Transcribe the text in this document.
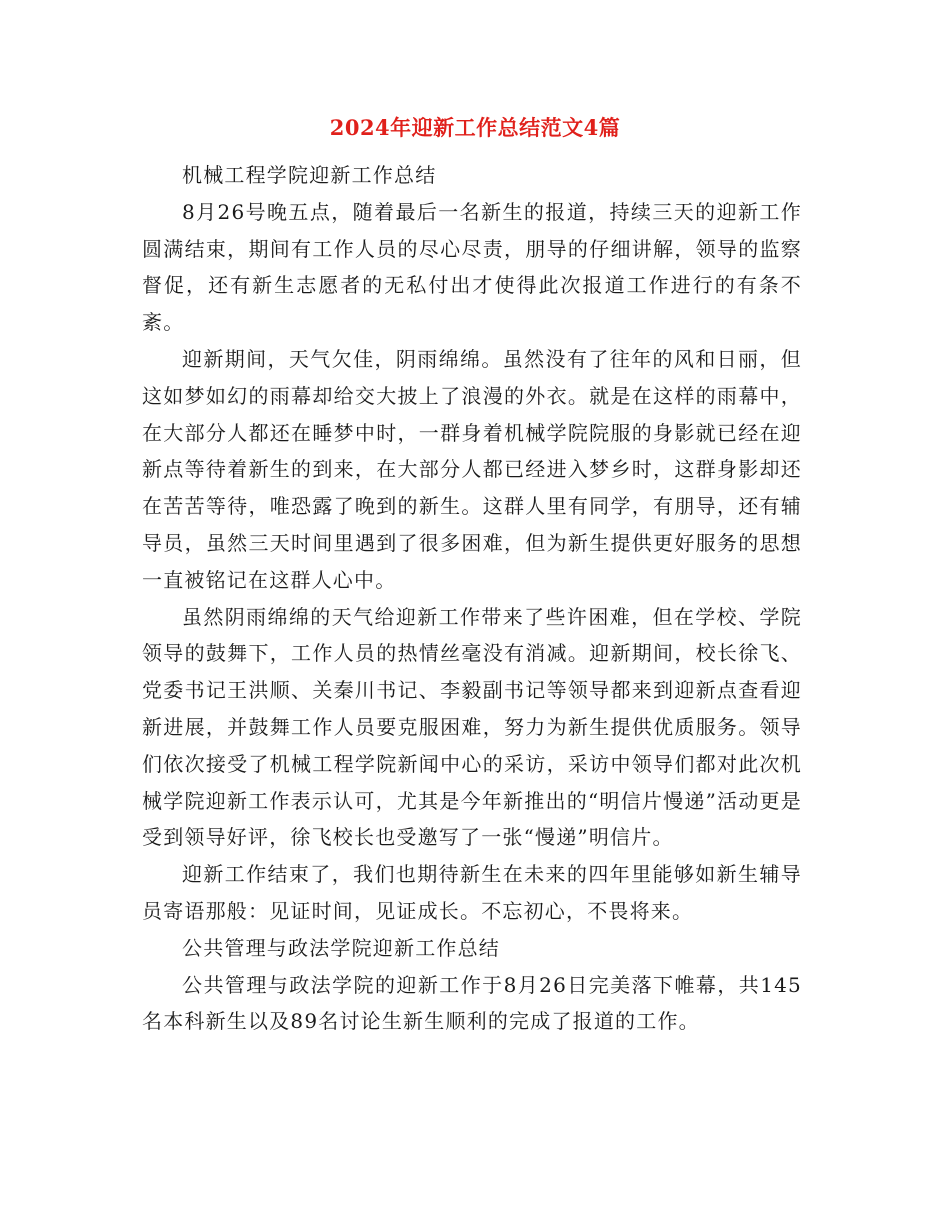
2024年迎新工作总结范文4篇

机械工程学院迎新工作总结

8月26号晚五点，随着最后一名新生的报道，持续三天的迎新工作圆满结束，期间有工作人员的尽心尽责，朋导的仔细讲解，领导的监察督促，还有新生志愿者的无私付出才使得此次报道工作进行的有条不紊。

迎新期间，天气欠佳，阴雨绵绵。虽然没有了往年的风和日丽，但这如梦如幻的雨幕却给交大披上了浪漫的外衣。就是在这样的雨幕中，在大部分人都还在睡梦中时，一群身着机械学院院服的身影就已经在迎新点等待着新生的到来，在大部分人都已经进入梦乡时，这群身影却还在苦苦等待，唯恐露了晚到的新生。这群人里有同学，有朋导，还有辅导员，虽然三天时间里遇到了很多困难，但为新生提供更好服务的思想一直被铭记在这群人心中。

虽然阴雨绵绵的天气给迎新工作带来了些许困难，但在学校、学院领导的鼓舞下，工作人员的热情丝毫没有消减。迎新期间，校长徐飞、党委书记王洪顺、关秦川书记、李毅副书记等领导都来到迎新点查看迎新进展，并鼓舞工作人员要克服困难，努力为新生提供优质服务。领导们依次接受了机械工程学院新闻中心的采访，采访中领导们都对此次机械学院迎新工作表示认可，尤其是今年新推出的“明信片慢递”活动更是受到领导好评，徐飞校长也受邀写了一张“慢递”明信片。

迎新工作结束了，我们也期待新生在未来的四年里能够如新生辅导员寄语那般：见证时间，见证成长。不忘初心，不畏将来。

公共管理与政法学院迎新工作总结

公共管理与政法学院的迎新工作于8月26日完美落下帷幕，共145名本科新生以及89名讨论生新生顺利的完成了报道的工作。
